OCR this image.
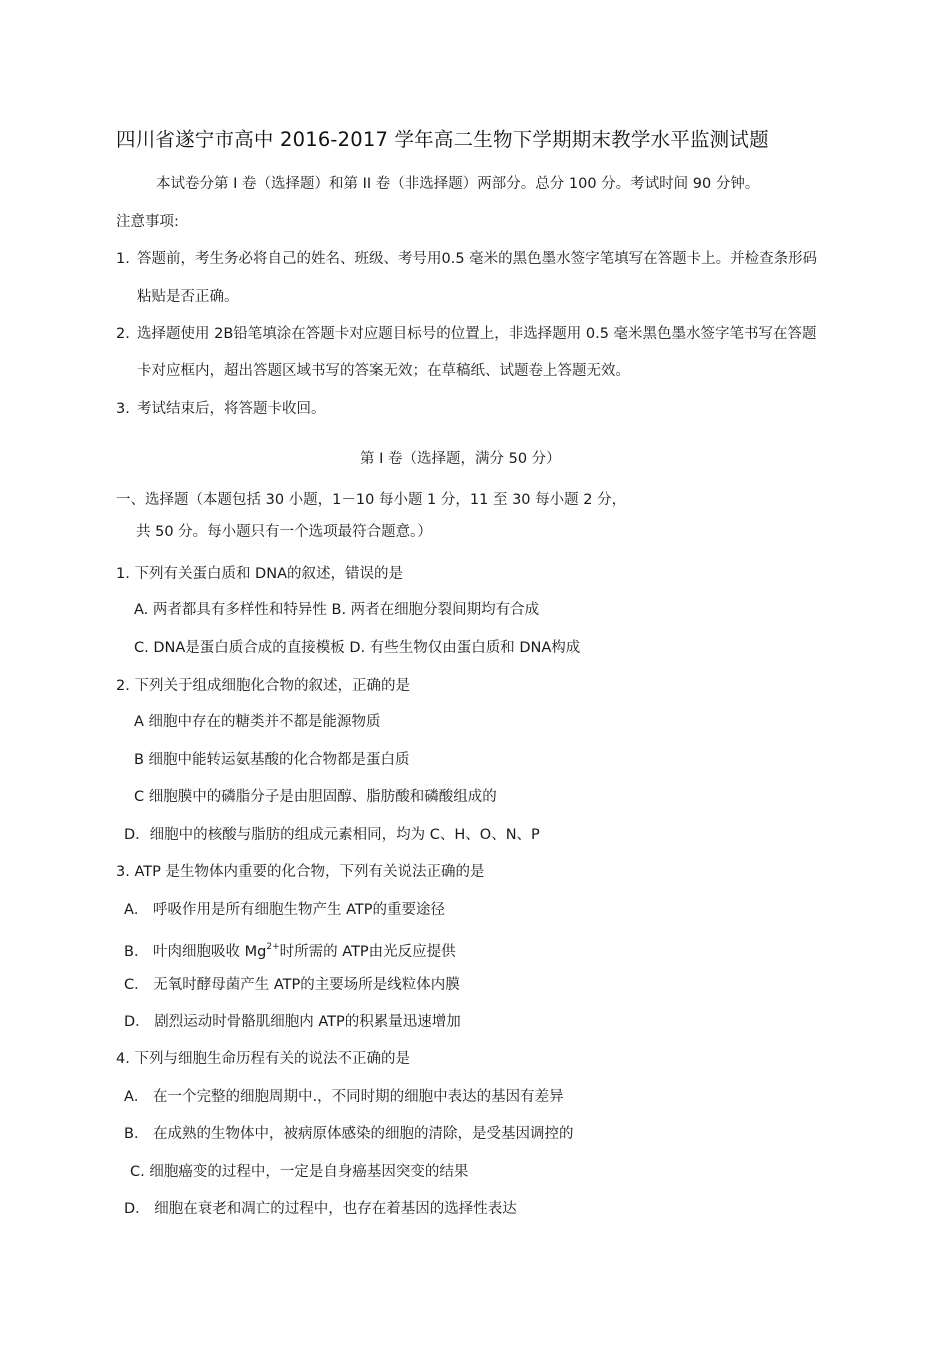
四川省遂宁市高中 2016-2017 学年高二生物下学期期末教学水平监测试题
本试卷分第 I 卷（选择题）和第 II 卷（非选择题）两部分。总分 100 分。考试时间 90 分钟。
注意事项:
1. 答题前，考生务必将自己的姓名、班级、考号用0.5 毫米的黑色墨水签字笔填写在答题卡上。并检查条形码
粘贴是否正确。
2. 选择题使用 2B铅笔填涂在答题卡对应题目标号的位置上，非选择题用 0.5 毫米黑色墨水签字笔书写在答题
卡对应框内，超出答题区域书写的答案无效；在草稿纸、试题卷上答题无效。
3. 考试结束后，将答题卡收回。
第 I 卷（选择题，满分 50 分）
一、选择题（本题包括 30 小题，1－10 每小题 1 分，11 至 30 每小题 2 分，
共 50 分。每小题只有一个选项最符合题意。）
1. 下列有关蛋白质和 DNA的叙述，错误的是
A. 两者都具有多样性和特异性 B. 两者在细胞分裂间期均有合成
C. DNA是蛋白质合成的直接模板 D. 有些生物仅由蛋白质和 DNA构成
2. 下列关于组成细胞化合物的叙述，正确的是
A 细胞中存在的糖类并不都是能源物质
B 细胞中能转运氨基酸的化合物都是蛋白质
C 细胞膜中的磷脂分子是由胆固醇、脂肪酸和磷酸组成的
D．细胞中的核酸与脂肪的组成元素相同，均为 C、H、O、N、P
3. ATP 是生物体内重要的化合物，下列有关说法正确的是
A． 呼吸作用是所有细胞生物产生 ATP的重要途径
B． 叶肉细胞吸收 $Mg^{2+}$时所需的 ATP由光反应提供
C． 无氧时酵母菌产生 ATP的主要场所是线粒体内膜
D． 剧烈运动时骨骼肌细胞内 ATP的积累量迅速增加
4. 下列与细胞生命历程有关的说法不正确的是
A． 在一个完整的细胞周期中.，不同时期的细胞中表达的基因有差异
B． 在成熟的生物体中，被病原体感染的细胞的清除，是受基因调控的
C. 细胞癌变的过程中，一定是自身癌基因突变的结果
D． 细胞在衰老和凋亡的过程中，也存在着基因的选择性表达
